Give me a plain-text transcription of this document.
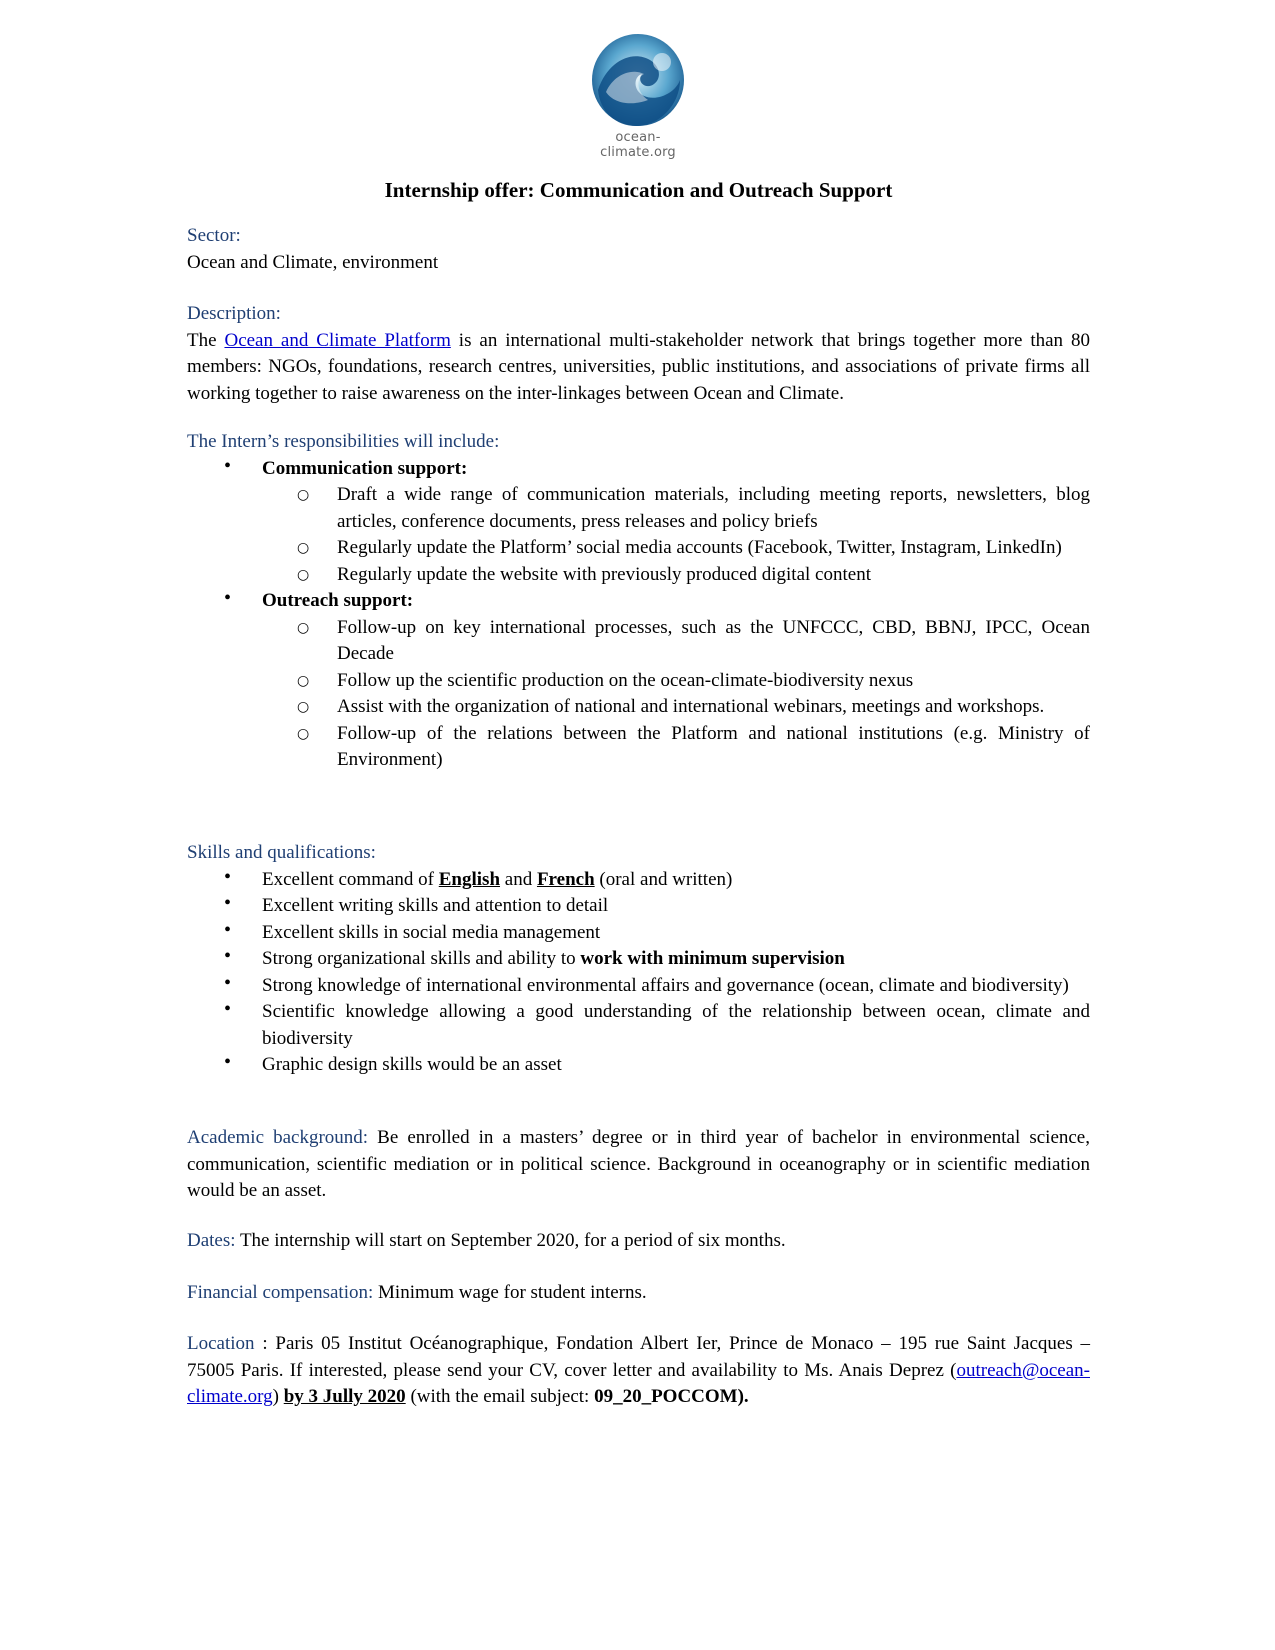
ocean-climate.org
Internship offer: Communication and Outreach Support
Sector:
Ocean and Climate, environment
Description:
The Ocean and Climate Platform is an international multi-stakeholder network that brings together more than 80 members: NGOs, foundations, research centres, universities, public institutions, and associations of private firms all working together to raise awareness on the inter-linkages between Ocean and Climate.
The Intern’s responsibilities will include:
• Communication support:
○ Draft a wide range of communication materials, including meeting reports, newsletters, blog articles, conference documents, press releases and policy briefs
○ Regularly update the Platform’ social media accounts (Facebook, Twitter, Instagram, LinkedIn)
○ Regularly update the website with previously produced digital content
• Outreach support:
○ Follow-up on key international processes, such as the UNFCCC, CBD, BBNJ, IPCC, Ocean Decade
○ Follow up the scientific production on the ocean-climate-biodiversity nexus
○ Assist with the organization of national and international webinars, meetings and workshops.
○ Follow-up of the relations between the Platform and national institutions (e.g. Ministry of Environment)
Skills and qualifications:
• Excellent command of English and French (oral and written)
• Excellent writing skills and attention to detail
• Excellent skills in social media management
• Strong organizational skills and ability to work with minimum supervision
• Strong knowledge of international environmental affairs and governance (ocean, climate and biodiversity)
• Scientific knowledge allowing a good understanding of the relationship between ocean, climate and biodiversity
• Graphic design skills would be an asset
Academic background: Be enrolled in a masters’ degree or in third year of bachelor in environmental science, communication, scientific mediation or in political science. Background in oceanography or in scientific mediation would be an asset.
Dates: The internship will start on September 2020, for a period of six months.
Financial compensation: Minimum wage for student interns.
Location : Paris 05 Institut Océanographique, Fondation Albert Ier, Prince de Monaco – 195 rue Saint Jacques – 75005 Paris. If interested, please send your CV, cover letter and availability to Ms. Anais Deprez (outreach@ocean-climate.org) by 3 Jully 2020 (with the email subject: 09_20_POCCOM).
